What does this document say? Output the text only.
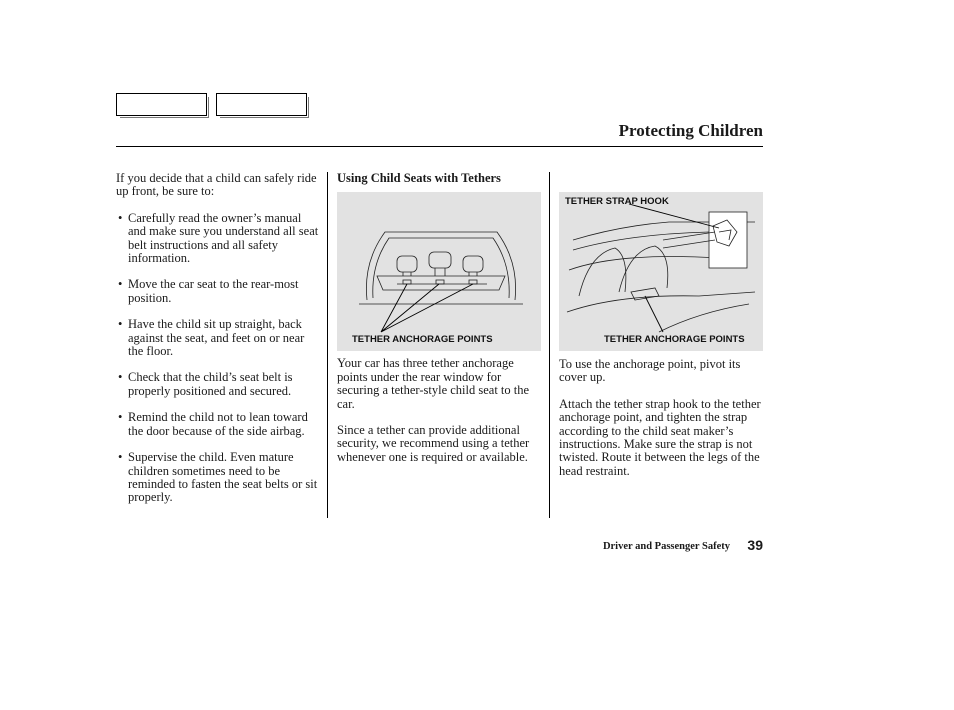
Protecting Children

If you decide that a child can safely ride up front, be sure to:

• Carefully read the owner’s manual and make sure you understand all seat belt instructions and all safety information.
• Move the car seat to the rear-most position.
• Have the child sit up straight, back against the seat, and feet on or near the floor.
• Check that the child’s seat belt is properly positioned and secured.
• Remind the child not to lean toward the door because of the side airbag.
• Supervise the child. Even mature children sometimes need to be reminded to fasten the seat belts or sit properly.

Using Child Seats with Tethers

Your car has three tether anchorage points under the rear window for securing a tether-style child seat to the car.

Since a tether can provide additional security, we recommend using a tether whenever one is required or available.

TETHER ANCHORAGE POINTS
TETHER STRAP HOOK
TETHER ANCHORAGE POINTS

To use the anchorage point, pivot its cover up.

Attach the tether strap hook to the tether anchorage point, and tighten the strap according to the child seat maker’s instructions. Make sure the strap is not twisted. Route it between the legs of the head restraint.

Driver and Passenger Safety 39
